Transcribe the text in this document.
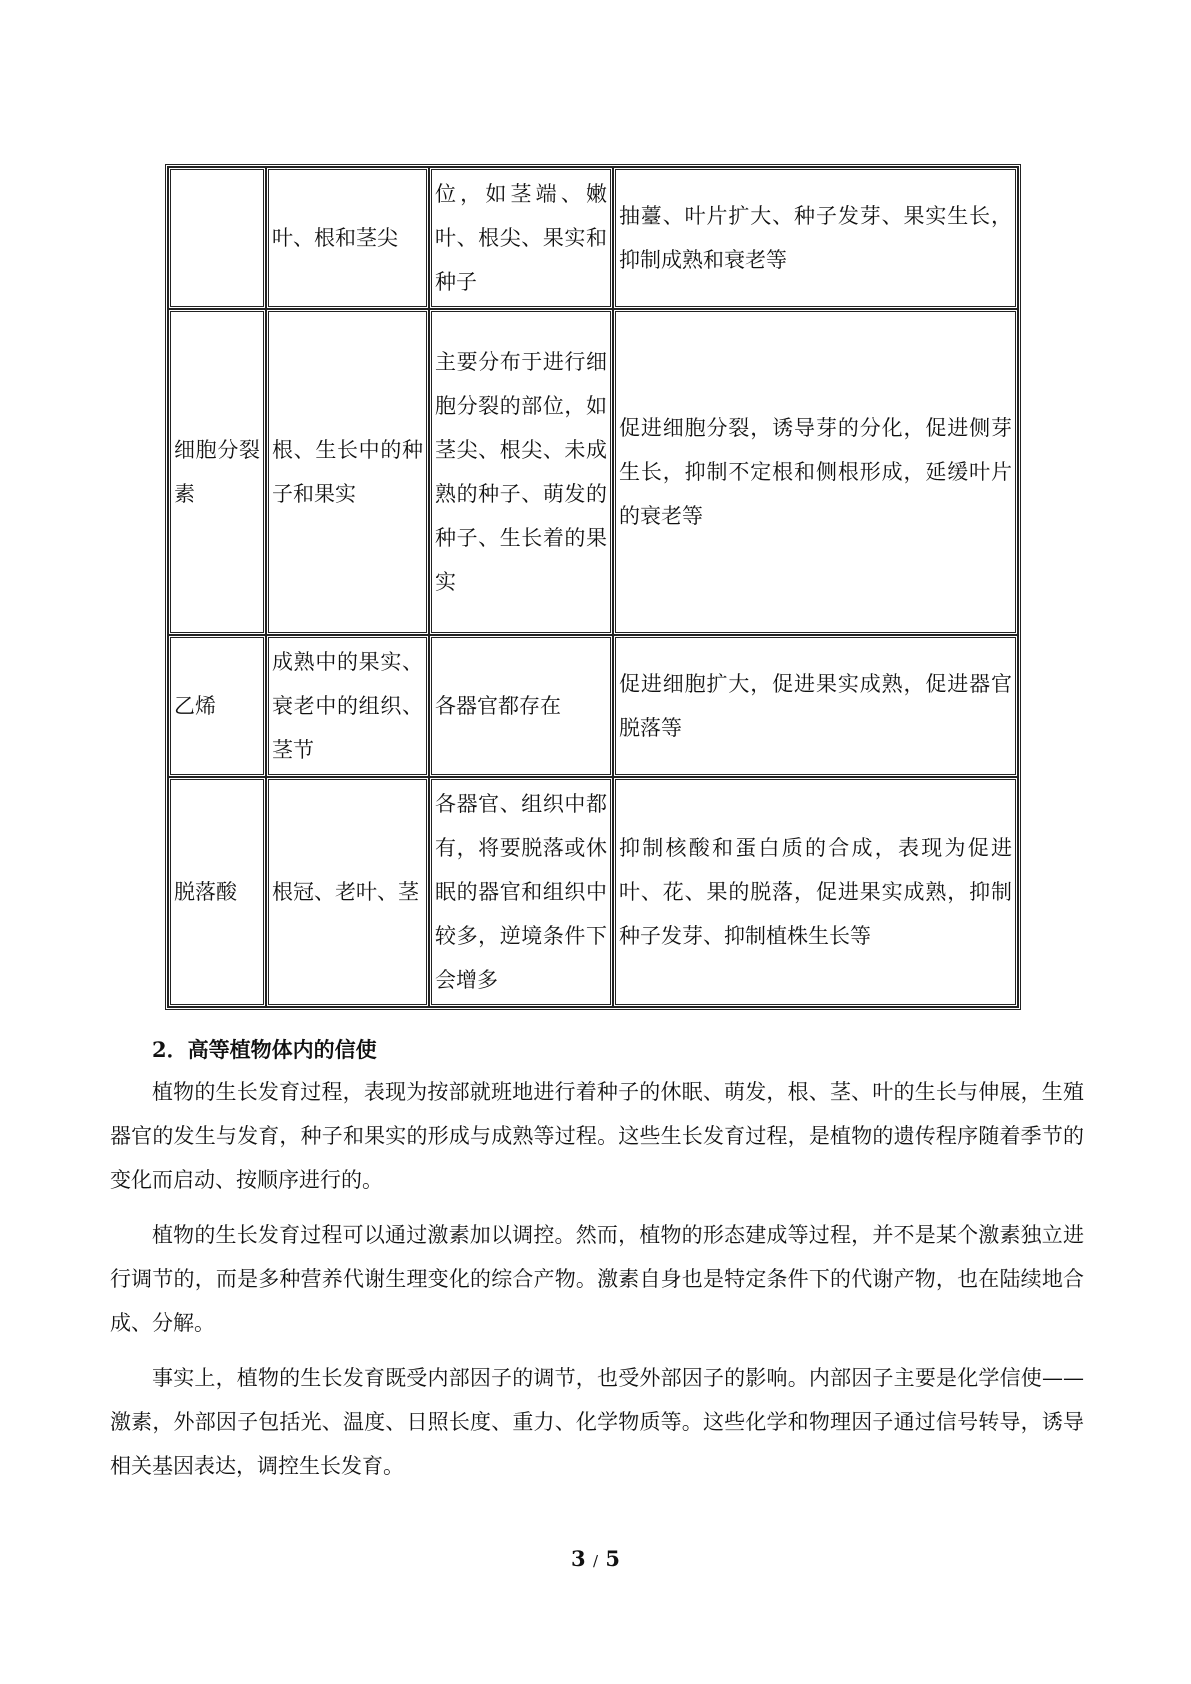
	叶、根和茎尖	位，如茎端、嫩叶、根尖、果实和种子	抽薹、叶片扩大、种子发芽、果实生长，抑制成熟和衰老等
细胞分裂素	根、生长中的种子和果实	主要分布于进行细胞分裂的部位，如茎尖、根尖、未成熟的种子、萌发的种子、生长着的果实	促进细胞分裂，诱导芽的分化，促进侧芽生长，抑制不定根和侧根形成，延缓叶片的衰老等
乙烯	成熟中的果实、衰老中的组织、茎节	各器官都存在	促进细胞扩大，促进果实成熟，促进器官脱落等
脱落酸	根冠、老叶、茎	各器官、组织中都有，将要脱落或休眠的器官和组织中较多，逆境条件下会增多	抑制核酸和蛋白质的合成，表现为促进叶、花、果的脱落，促进果实成熟，抑制种子发芽、抑制植株生长等
2．高等植物体内的信使

植物的生长发育过程，表现为按部就班地进行着种子的休眠、萌发，根、茎、叶的生长与伸展，生殖器官的发生与发育，种子和果实的形成与成熟等过程。这些生长发育过程，是植物的遗传程序随着季节的变化而启动、按顺序进行的。

植物的生长发育过程可以通过激素加以调控。然而，植物的形态建成等过程，并不是某个激素独立进行调节的，而是多种营养代谢生理变化的综合产物。激素自身也是特定条件下的代谢产物，也在陆续地合成、分解。

事实上，植物的生长发育既受内部因子的调节，也受外部因子的影响。内部因子主要是化学信使——激素，外部因子包括光、温度、日照长度、重力、化学物质等。这些化学和物理因子通过信号转导，诱导相关基因表达，调控生长发育。

3 / 5
